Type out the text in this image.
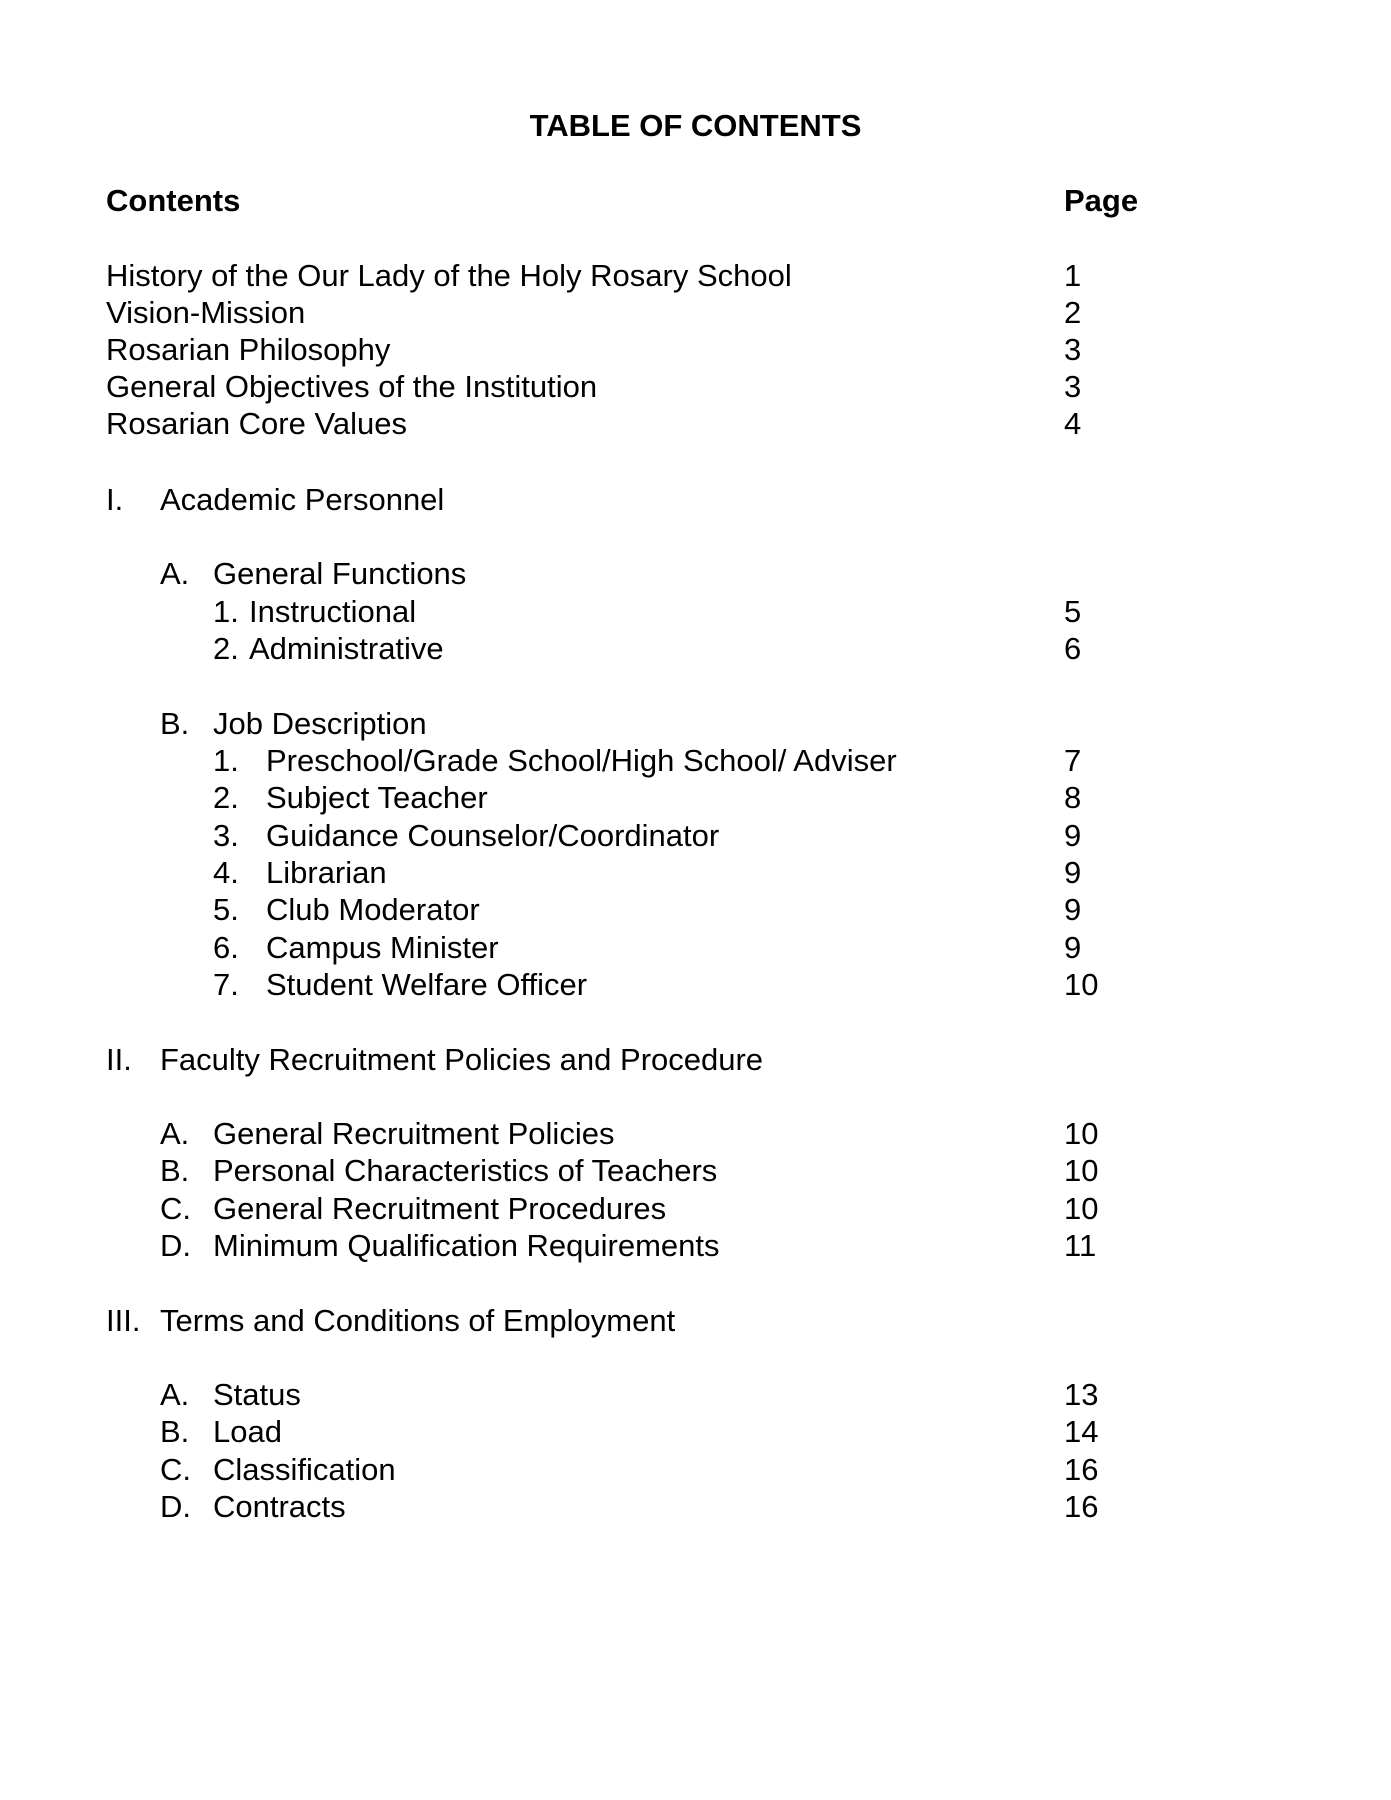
TABLE OF CONTENTS
Contents	Page
History of the Our Lady of the Holy Rosary School	1
Vision-Mission	2
Rosarian Philosophy	3
General Objectives of the Institution	3
Rosarian Core Values	4
I. Academic Personnel
A. General Functions
1. Instructional	5
2. Administrative	6
B. Job Description
1. Preschool/Grade School/High School/ Adviser	7
2. Subject Teacher	8
3. Guidance Counselor/Coordinator	9
4. Librarian	9
5. Club Moderator	9
6. Campus Minister	9
7. Student Welfare Officer	10
II. Faculty Recruitment Policies and Procedure
A. General Recruitment Policies	10
B. Personal Characteristics of Teachers	10
C. General Recruitment Procedures	10
D. Minimum Qualification Requirements	11
III. Terms and Conditions of Employment
A. Status	13
B. Load	14
C. Classification	16
D. Contracts	16
